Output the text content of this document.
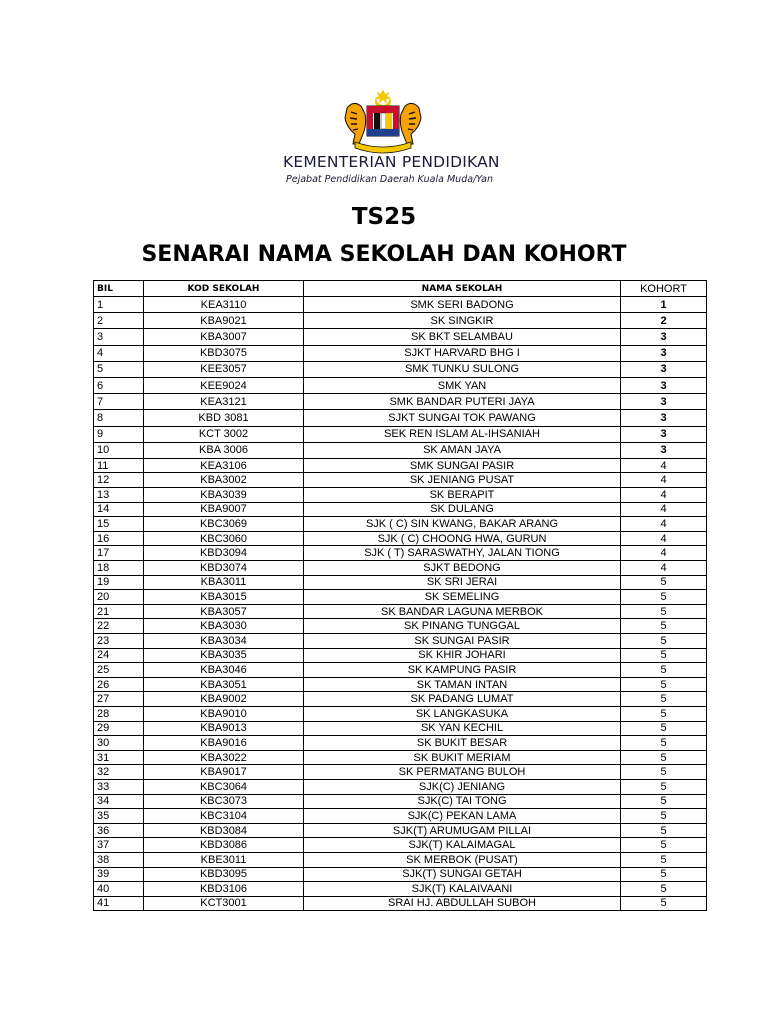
KEMENTERIAN PENDIDIKAN
Pejabat Pendidikan Daerah Kuala Muda/Yan
TS25
SENARAI NAMA SEKOLAH DAN KOHORT
BIL	KOD SEKOLAH	NAMA SEKOLAH	KOHORT
1	KEA3110	SMK SERI BADONG	1
2	KBA9021	SK SINGKIR	2
3	KBA3007	SK BKT SELAMBAU	3
4	KBD3075	SJKT HARVARD BHG I	3
5	KEE3057	SMK TUNKU SULONG	3
6	KEE9024	SMK YAN	3
7	KEA3121	SMK BANDAR PUTERI JAYA	3
8	KBD 3081	SJKT SUNGAI TOK PAWANG	3
9	KCT 3002	SEK REN ISLAM AL-IHSANIAH	3
10	KBA 3006	SK AMAN JAYA	3
11	KEA3106	SMK SUNGAI PASIR	4
12	KBA3002	SK JENIANG PUSAT	4
13	KBA3039	SK BERAPIT	4
14	KBA9007	SK DULANG	4
15	KBC3069	SJK ( C) SIN KWANG, BAKAR ARANG	4
16	KBC3060	SJK ( C) CHOONG HWA, GURUN	4
17	KBD3094	SJK ( T) SARASWATHY, JALAN TIONG	4
18	KBD3074	SJKT BEDONG	4
19	KBA3011	SK SRI JERAI	5
20	KBA3015	SK SEMELING	5
21	KBA3057	SK BANDAR LAGUNA MERBOK	5
22	KBA3030	SK PINANG TUNGGAL	5
23	KBA3034	SK SUNGAI PASIR	5
24	KBA3035	SK KHIR JOHARI	5
25	KBA3046	SK KAMPUNG PASIR	5
26	KBA3051	SK TAMAN INTAN	5
27	KBA9002	SK PADANG LUMAT	5
28	KBA9010	SK LANGKASUKA	5
29	KBA9013	SK YAN KECHIL	5
30	KBA9016	SK BUKIT BESAR	5
31	KBA3022	SK BUKIT MERIAM	5
32	KBA9017	SK PERMATANG BULOH	5
33	KBC3064	SJK(C) JENIANG	5
34	KBC3073	SJK(C) TAI TONG	5
35	KBC3104	SJK(C) PEKAN LAMA	5
36	KBD3084	SJK(T) ARUMUGAM PILLAI	5
37	KBD3086	SJK(T) KALAIMAGAL	5
38	KBE3011	SK MERBOK (PUSAT)	5
39	KBD3095	SJK(T) SUNGAI GETAH	5
40	KBD3106	SJK(T) KALAIVAANI	5
41	KCT3001	SRAI HJ. ABDULLAH SUBOH	5
